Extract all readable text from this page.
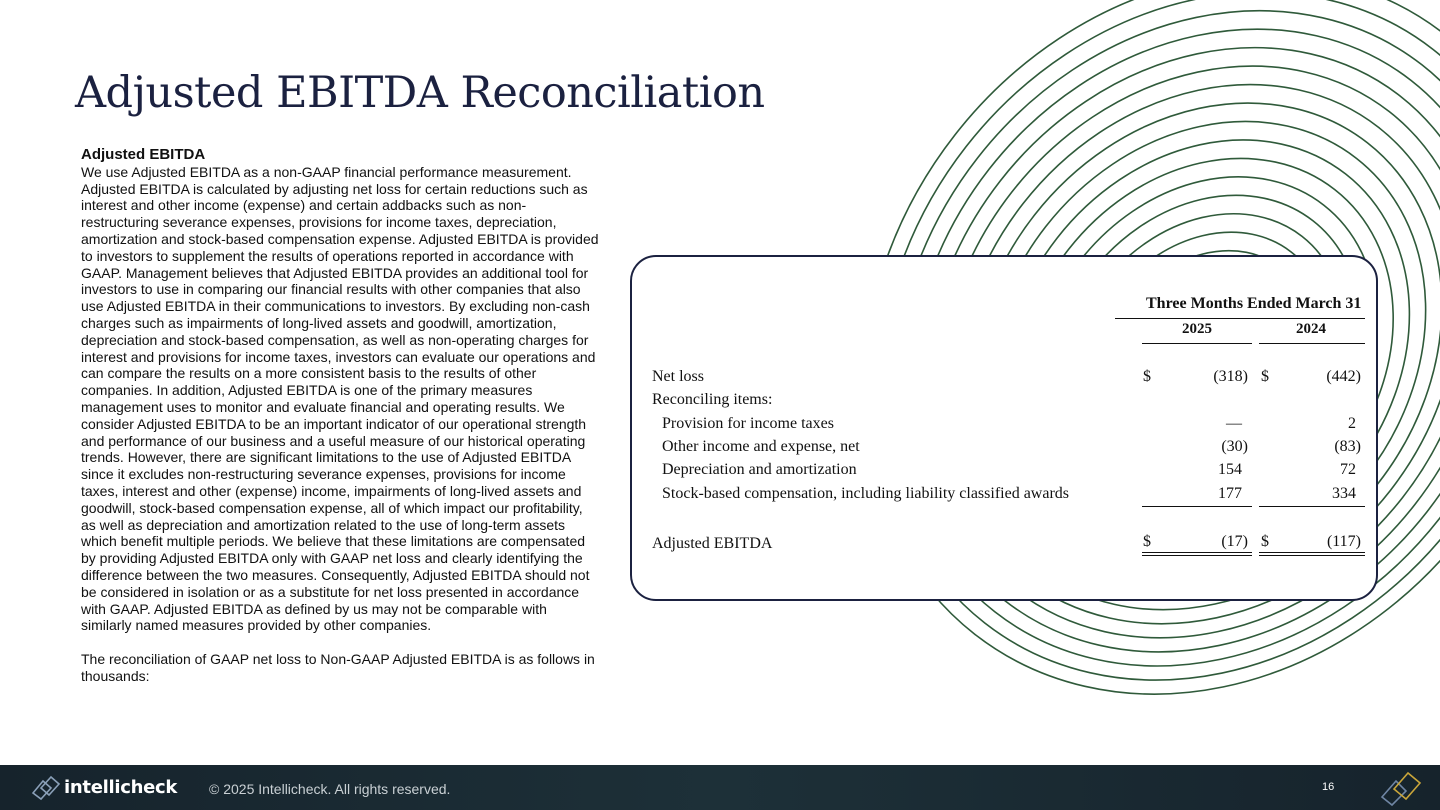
Adjusted EBITDA Reconciliation
Adjusted EBITDA

We use Adjusted EBITDA as a non-GAAP financial performance measurement. Adjusted EBITDA is calculated by adjusting net loss for certain reductions such as interest and other income (expense) and certain addbacks such as non-restructuring severance expenses, provisions for income taxes, depreciation, amortization and stock-based compensation expense. Adjusted EBITDA is provided to investors to supplement the results of operations reported in accordance with GAAP. Management believes that Adjusted EBITDA provides an additional tool for investors to use in comparing our financial results with other companies that also use Adjusted EBITDA in their communications to investors. By excluding non-cash charges such as impairments of long-lived assets and goodwill, amortization, depreciation and stock-based compensation, as well as non-operating charges for interest and provisions for income taxes, investors can evaluate our operations and can compare the results on a more consistent basis to the results of other companies. In addition, Adjusted EBITDA is one of the primary measures management uses to monitor and evaluate financial and operating results. We consider Adjusted EBITDA to be an important indicator of our operational strength and performance of our business and a useful measure of our historical operating trends. However, there are significant limitations to the use of Adjusted EBITDA since it excludes non-restructuring severance expenses, provisions for income taxes, interest and other (expense) income, impairments of long-lived assets and goodwill, stock-based compensation expense, all of which impact our profitability, as well as depreciation and amortization related to the use of long-term assets which benefit multiple periods. We believe that these limitations are compensated by providing Adjusted EBITDA only with GAAP net loss and clearly identifying the difference between the two measures. Consequently, Adjusted EBITDA should not be considered in isolation or as a substitute for net loss presented in accordance with GAAP. Adjusted EBITDA as defined by us may not be comparable with similarly named measures provided by other companies.

The reconciliation of GAAP net loss to Non-GAAP Adjusted EBITDA is as follows in thousands:

Three Months Ended March 31
2025	2024
Net loss	$	(318) $	(442)
Reconciling items:
Provision for income taxes	—	2
Other income and expense, net	(30)	(83)
Depreciation and amortization	154	72
Stock-based compensation, including liability classified awards	177	334
Adjusted EBITDA	$	(17) $	(117)
intellicheck © 2025 Intellicheck. All rights reserved.	16
